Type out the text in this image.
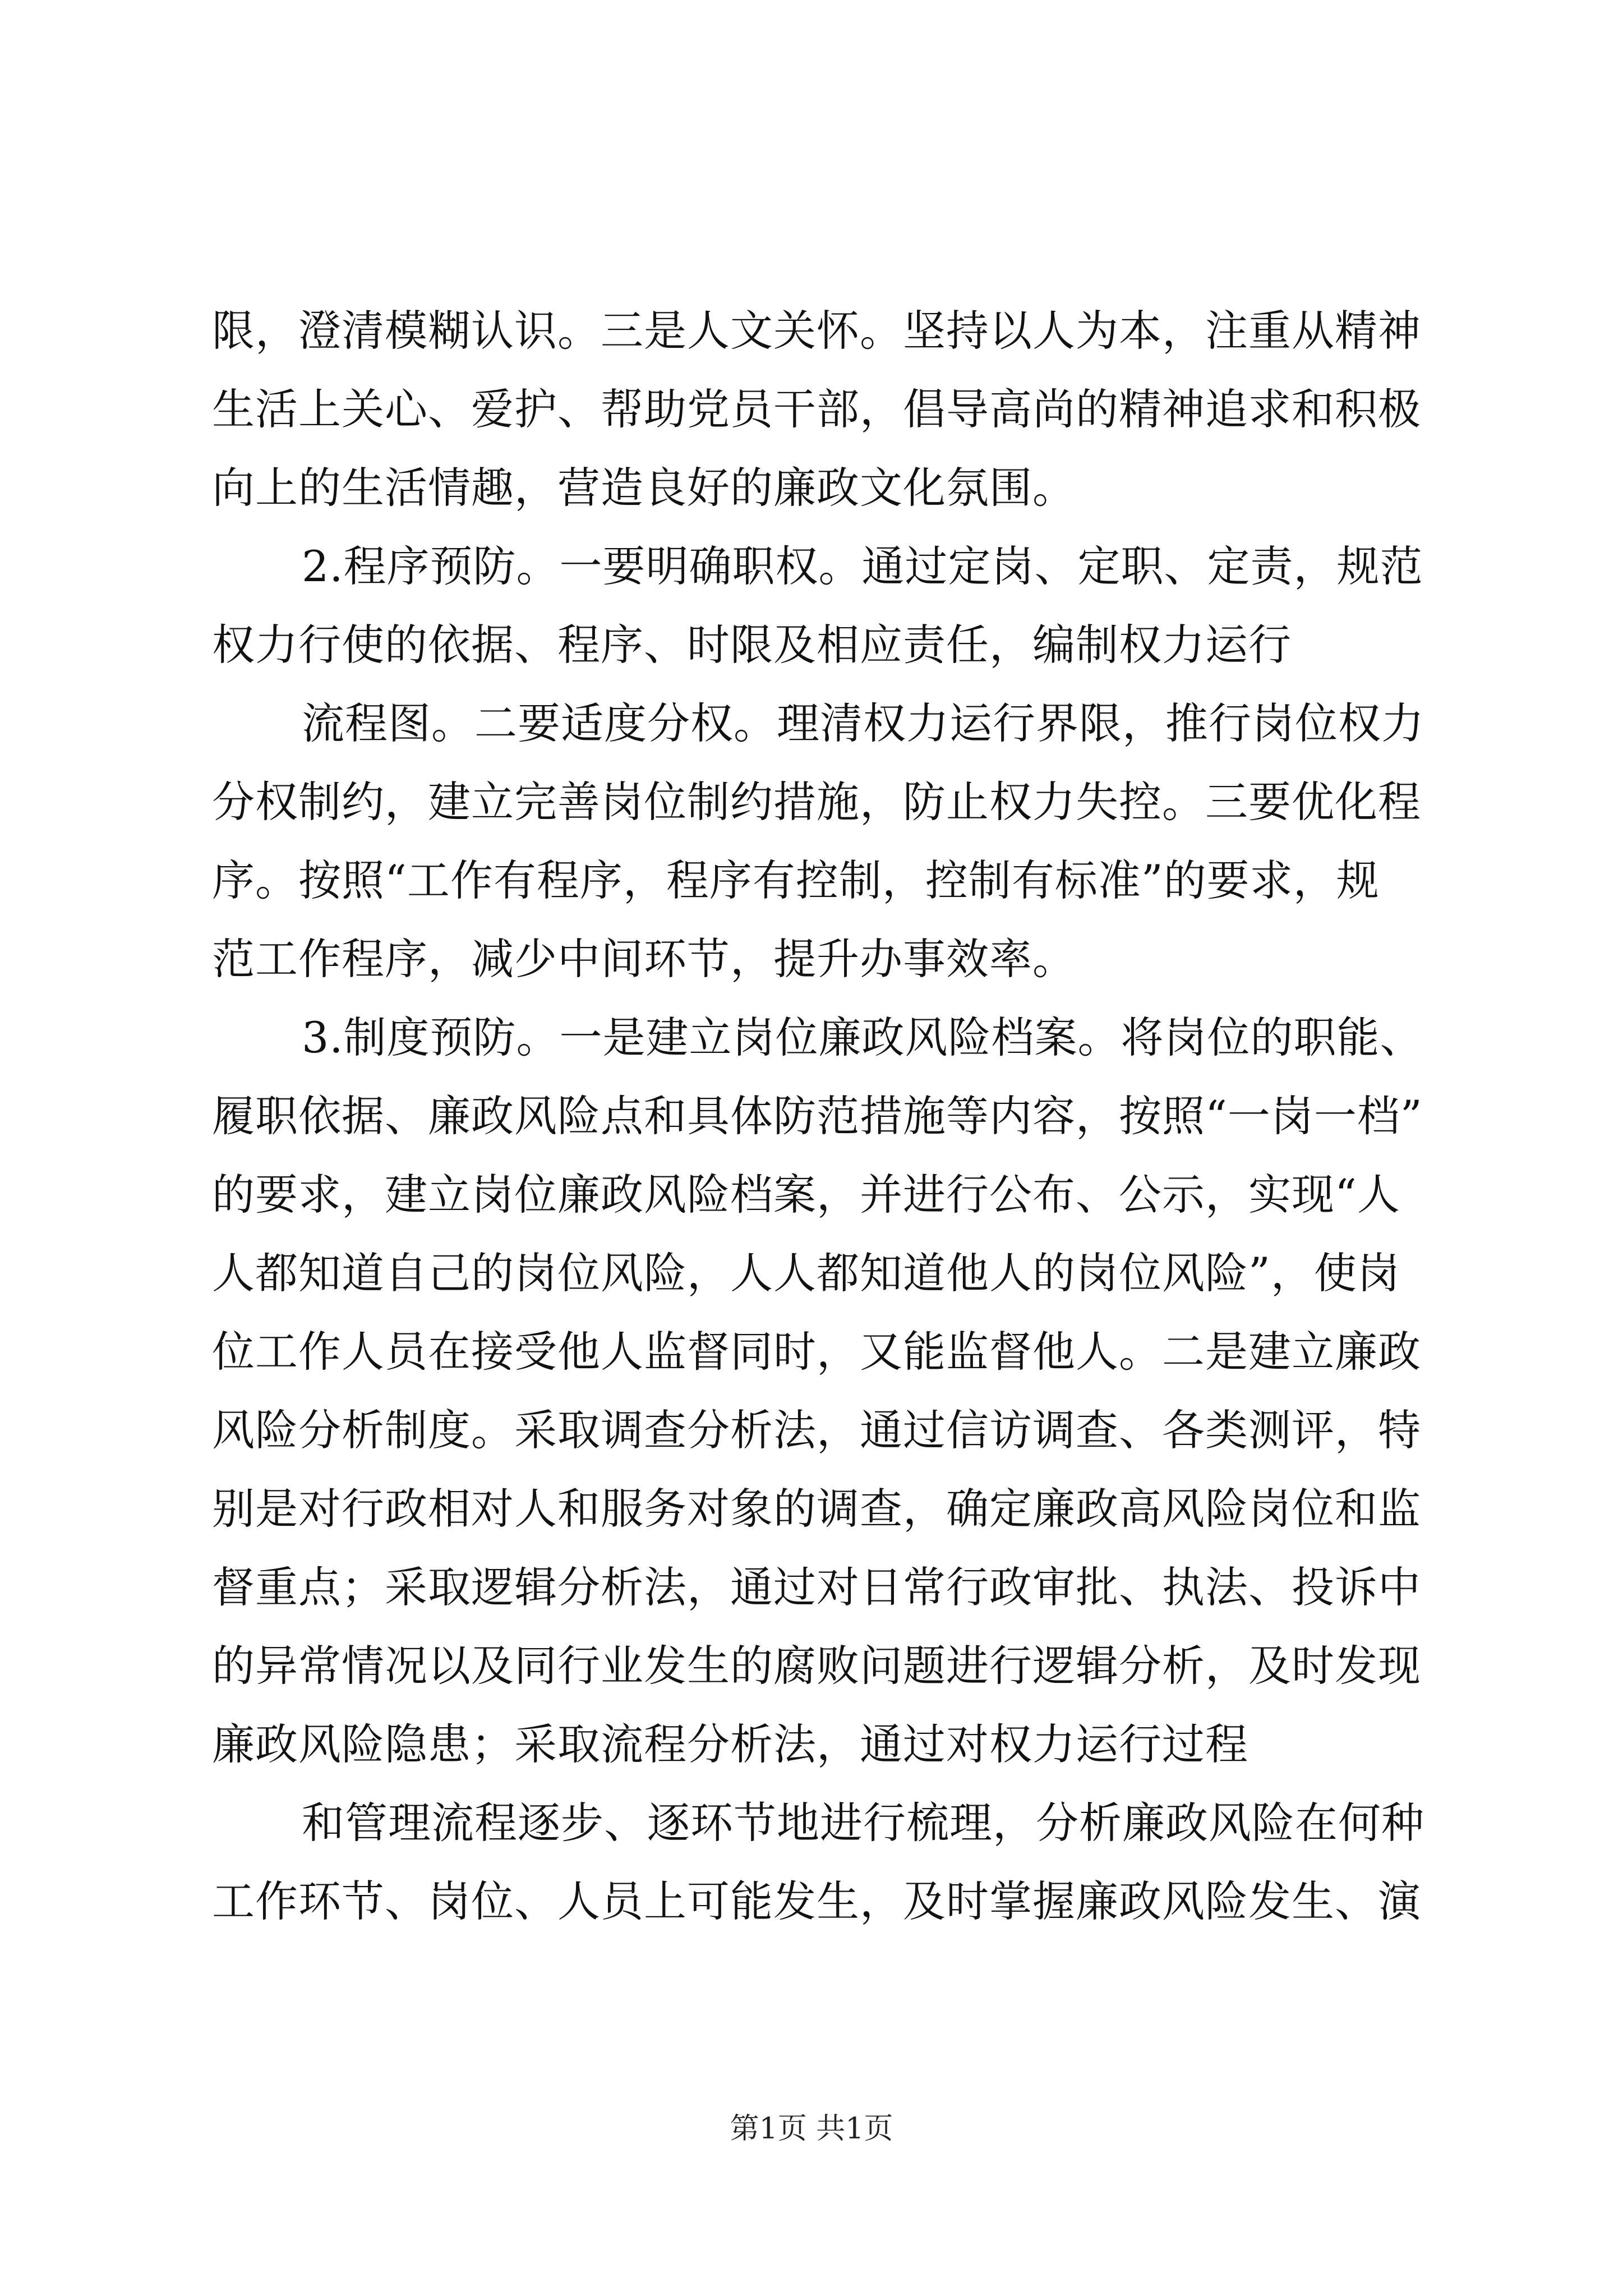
限，澄清模糊认识。三是人文关怀。坚持以人为本，注重从精神
生活上关心、爱护、帮助党员干部，倡导高尚的精神追求和积极
向上的生活情趣，营造良好的廉政文化氛围。
2.程序预防。一要明确职权。通过定岗、定职、定责，规范
权力行使的依据、程序、时限及相应责任，编制权力运行
流程图。二要适度分权。理清权力运行界限，推行岗位权力
分权制约，建立完善岗位制约措施，防止权力失控。三要优化程
序。按照“工作有程序，程序有控制，控制有标准”的要求，规
范工作程序，减少中间环节，提升办事效率。
3.制度预防。一是建立岗位廉政风险档案。将岗位的职能、
履职依据、廉政风险点和具体防范措施等内容，按照“一岗一档”
的要求，建立岗位廉政风险档案，并进行公布、公示，实现“人
人都知道自己的岗位风险，人人都知道他人的岗位风险”，使岗
位工作人员在接受他人监督同时，又能监督他人。二是建立廉政
风险分析制度。采取调查分析法，通过信访调查、各类测评，特
别是对行政相对人和服务对象的调查，确定廉政高风险岗位和监
督重点；采取逻辑分析法，通过对日常行政审批、执法、投诉中
的异常情况以及同行业发生的腐败问题进行逻辑分析，及时发现
廉政风险隐患；采取流程分析法，通过对权力运行过程
和管理流程逐步、逐环节地进行梳理，分析廉政风险在何种
工作环节、岗位、人员上可能发生，及时掌握廉政风险发生、演
第1页 共1页
